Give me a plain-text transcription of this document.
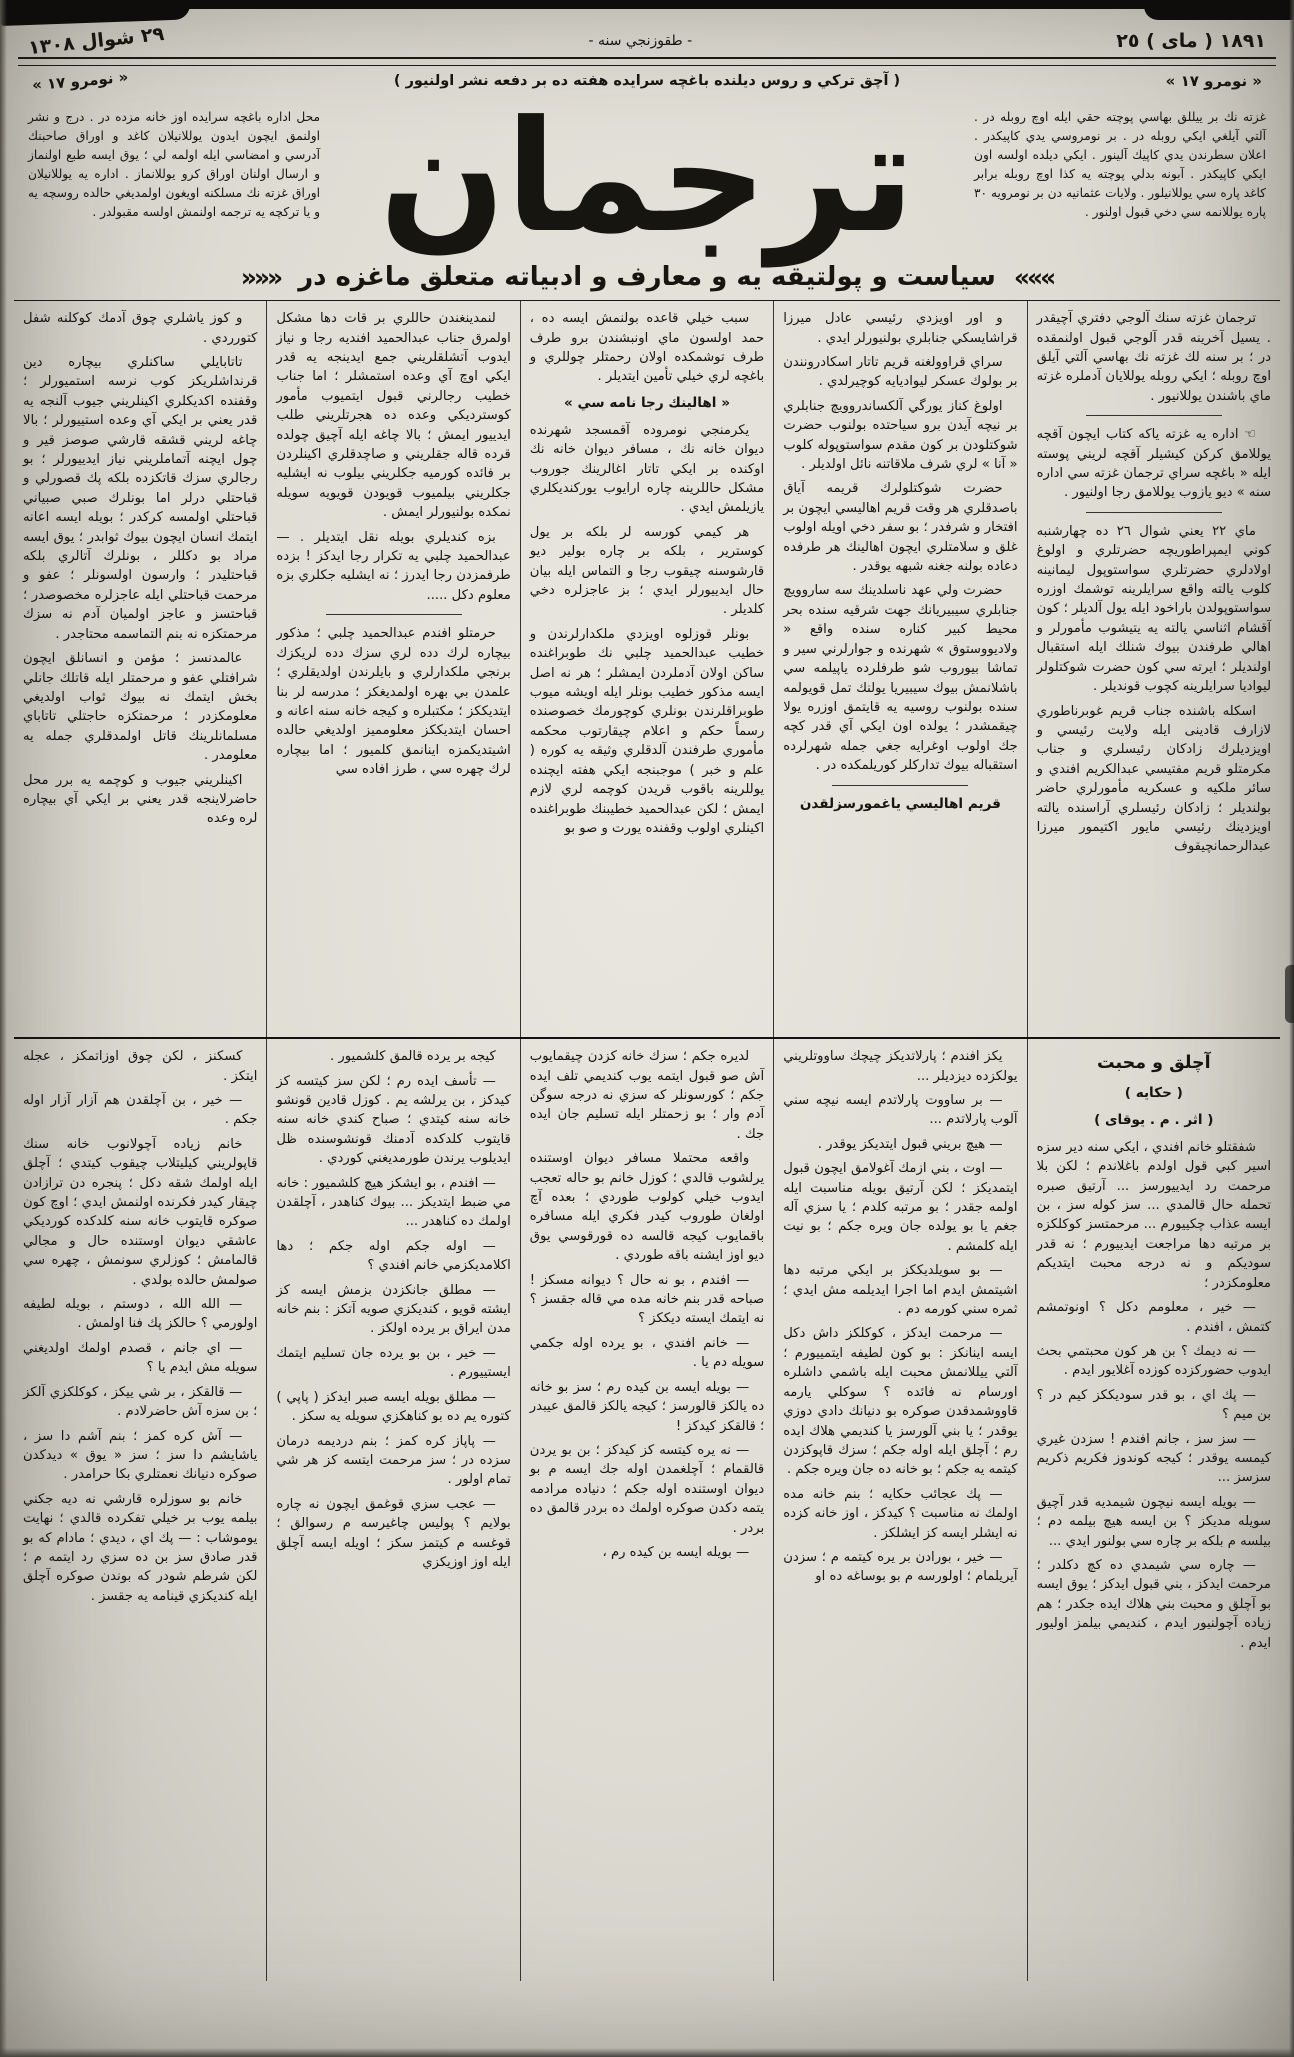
١٨٩١ ( ماى ) ٢٥
- طقوزنجي سنه -
٢٩ شوال ١٣٠٨
« نومرو ١٧ »
( آچق تركي و روس ديلنده باغچه سرايده هفته ده بر دفعه نشر اولنيور )
« نومرو ١٧ »
غزته نك بر ييللق بهاسي پوچته حقي ايله اوچ روبله در . آلتي آيلغي ايكي روبله در . بر نومروسي يدي كاپيكدر . اعلان سطرندن يدي كاپيك آلينور . ايكي ديلده اولسه اون ايكي كاپيكدر . آبونه بدلي پوچته يه كذا اوچ روبله برابر كاغد پاره سي يوللانيلور . ولايات عثمانيه دن بر نومرويه ٣٠ پاره يوللانمه سي دخي قبول اولنور .
ترجمان
محل اداره باغچه سرايده اوز خانه مزده در . درج و نشر اولنمق ايچون ايدون يوللانيلان كاغد و اوراق صاحبنك آدرسي و امضاسي ايله اولمه لي ؛ يوق ايسه طبع اولنماز و ارسال اولنان اوراق كرو يوللانماز . اداره يه يوللانيلان اوراق غزته نك مسلكنه اويغون اولمديغي حالده روسچه يه و يا تركچه يه ترجمه اولنمش اولسه مقبولدر .
»»» سياست و پولتيقه يه و معارف و ادبياته متعلق ماغزه در «««

ترجمان غزته سنك آلوجي دفتري آچيقدر . يسيل آخرينه قدر آلوجي قبول اولنمقده در ؛ بر سنه لك غزته نك بهاسي آلتي آيلق اوچ روبله ؛ ايكي روبله يوللايان آدملره غزته ماي باشندن يوللانيور .

☜ اداره يه غزته ياكه كتاب ايچون آقچه يوللامق كركن كيشيلر آقچه لريني پوسته ايله « باغچه سراي ترجمان غزته سي اداره سنه » ديو يازوب يوللامق رجا اولنيور .

ماي ٢٢ يعني شوال ٢٦ ده چهارشنبه كوني ايمپراطوريچه حضرتلري و اولوغ اولادلري حضرتلري سواستوپول ليمانينه كلوب يالته واقع سرايلرينه توشمك اوزره سواستوپولدن باراخود ايله يول آلديلر ؛ كون آقشام اثناسي يالته يه يتيشوب مأمورلر و اهالي طرفندن بيوك شنلك ايله استقبال اولنديلر ؛ ايرته سي كون حضرت شوكتلولر ليواديا سرايلرينه كچوب قونديلر .

اسكله باشنده جناب قريم غوبرناطوري لازارف قادينى ايله ولايت رئيسي و اويزديلرك زادكان رئيسلري و جناب مكرمتلو قريم مفتيسي عبدالكريم افندي و سائر ملكيه و عسكريه مأمورلري حاضر بولنديلر ؛ زادكان رئيسلري آراسنده يالته اويزدينك رئيسي مايور اكتيمور ميرزا عبدالرحمانچيقوف

و اور اويزدي رئيسي عادل ميرزا قراشايسكي جنابلري بولنيورلر ايدي .

سراي قراوولغنه قريم تاتار اسكادرونندن بر بولوك عسكر ليواديايه كوچيرلدي .

اولوغ كناز يورگي آلكساندروويچ جنابلري بر نيچه آيدن برو سياحتده بولنوب حضرت شوكتلودن بر كون مقدم سواستوپوله كلوب « آنا » لري شرف ملاقاتنه نائل اولديلر .

حضرت شوكتلولرك قريمه آياق باصدقلري هر وقت قريم اهاليسي ايچون بر افتخار و شرفدر ؛ بو سفر دخي اويله اولوب غلق و سلامتلري ايچون اهالينك هر طرفده دعاده بولنه جغنه شبهه يوقدر .

حضرت ولي عهد ناسلدينك سه ساروويچ جنابلري سيبيريانك جهت شرقيه سنده بحر محيط كبير كناره سنده واقع « ولاديووستوق » شهرنده و جوارلرني سير و تماشا بيوروب شو طرفلرده ياپيلمه سي باشلانمش بيوك سيبيريا يولنك تمل قويولمه سنده بولنوب روسيه يه قايتمق اوزره يولا چيقمشدر ؛ يولده اون ايكي آي قدر كچه جك اولوب اوغرايه جغي جمله شهرلرده استقباله بيوك تداركلر كوريلمكده در .

قريم اهاليسي ياغمورسزلقدن

سبب خيلي قاعده بولنمش ايسه ده ، حمد اولسون ماي اونبشندن برو طرف طرف توشمكده اولان رحمتلر چوللري و باغچه لري خيلي تأمين ايتديلر .

« اهالينك رجا نامه سي »

يكرمنجي نومروده آقمسجد شهرنده ديوان خانه نك ، مسافر ديوان خانه نك اوكنده بر ايكي تاتار اغالرينك جوروب مشكل حاللرينه چاره ارايوب يوركنديكلري يازيلمش ايدي .

هر كيمي كورسه لر بلكه بر يول كوسترير ، بلكه بر چاره بولير ديو قارشوسنه چيقوب رجا و التماس ايله بيان حال ايدييورلر ايدي ؛ بز عاجزلره دخي كلديلر .

بونلر قوزلوه اويزدي ملكدارلرندن و خطيب عبدالحميد چلبي نك طوبراغنده ساكن اولان آدملردن ايمشلر ؛ هر نه اصل ايسه مذكور خطيب بونلر ايله اويشه ميوب طوبراقلرندن بونلري كوچورمك خصوصنده رسماً حكم و اعلام چيقارتوب محكمه مأموري طرفندن آلدقلري وثيقه يه كوره ( علم و خبر ) موجبنجه ايكي هفته ايچنده يوللرينه باقوب قريدن كوچمه لري لازم ايمش ؛ لكن عبدالحميد خطيبنك طوبراغنده اكينلري اولوب وقفنده يورت و صو بو

لنمدينغندن حاللري بر قات دها مشكل اولمرق جناب عبدالحميد افنديه رجا و نياز ايدوب آتشلقلريني جمع ايدينجه يه قدر ايكي اوچ آي وعده استمشلر ؛ اما جناب خطيب رجالرني قبول ايتميوب مأمور كوسترديكي وعده ده هجرتلريني طلب ايدييور ايمش ؛ بالا چاغه ايله آچيق چولده قرده قاله جقلريني و صاچدقلري اكينلردن بر فائده كورميه جكلريني بيلوب نه ايشليه جكلريني بيلميوب قويودن قويويه سويله نمكده بولنيورلر ايمش .

بزه كنديلري بويله نقل ايتديلر . — عبدالحميد چلبي يه تكرار رجا ايدكز ! بزده طرفمزدن رجا ايدرز ؛ نه ايشليه جكلري بزه معلوم دكل .....

حرمتلو افندم عبدالحميد چلبي ؛ مذكور بيچاره لرك دده لري سزك دده لريكزك برنجي ملكدارلري و بايلرندن اولديقلري ؛ علمدن بي بهره اولمديغكز ؛ مدرسه لر بنا ايتديككز ؛ مكتبلره و كيجه خانه سنه اعانه و احسان ايتديككز معلومميز اولديغي حالده اشيتديكمزه اينانمق كلميور ؛ اما بيچاره لرك چهره سي ، طرز افاده سي

و كوز ياشلري چوق آدمك كوكلنه شفل كتورردي .

تاتابايلي ساكنلري بيچاره دين قرنداشلريكز كوب نرسه استميورلر ؛ وقفنده اكديكلري اكينلريني جيوب آلنجه يه قدر يعني بر ايكي آي وعده استييورلر ؛ بالا چاغه لريني قشقه قارشي صوصز قير و چول ايچنه آتماملريني نياز ايدييورلر ؛ بو رجالري سزك قاتكزده بلكه پك قصورلي و قباحتلي درلر اما بونلرك صبي صبياني قباحتلي اولمسه كركدر ؛ بويله ايسه اعانه ايتمك انسان ايچون بيوك ثوابدر ؛ يوق ايسه مراد بو دكللر ، بونلرك آتالري بلكه قباحتليدر ؛ وارسون اولسونلر ؛ عفو و مرحمت قباحتلي ايله عاجزلره مخصوصدر ؛ قباحتسز و عاجز اولميان آدم نه سزك مرحمتكزه نه بنم التماسمه محتاجدر .

عالمدنسز ؛ مؤمن و انسانلق ايچون شرافتلي عفو و مرحمتلر ايله قاتلك جانلي بخش ايتمك نه بيوك ثواب اولديغي معلومكزدر ؛ مرحمتكزه حاجتلي تاتاباي مسلمانلرينك قاتل اولمدقلري جمله يه معلومدر .

اكينلريني جيوب و كوچمه يه برر محل حاضرلاينجه قدر يعني بر ايكي آي بيچاره لره وعده

آچلق و محبت

( حكايه )

( اثر . م . يوقاى )

شفقتلو خانم افندي ، ايكي سنه دير سزه اسير كبي قول اولدم باغلاندم ؛ لكن بلا مرحمت رد ايدييورسز ... آرتيق صبره تحمله حال قالمدي ... سز كوله سز ، بن ايسه عذاب چكييورم ... مرحمتسز كوكلكزه بر مرتبه دها مراجعت ايدييورم ؛ نه قدر سوديكم و نه درجه محبت ايتديكم معلومكزدر ؛

— خير ، معلومم دكل ؟ اونوتمشم كتمش ، افندم .

— نه ديمك ؟ بن هر كون محبتمي بحث ايدوب حضوركزده كوزده آغلايور ايدم .

— پك اي ، بو قدر سوديككز كيم در ؟ بن ميم ؟

— سز سز ، جانم افندم ! سزدن غيري كيمسه يوقدر ؛ كيجه كوندوز فكريم ذكريم سزسز ...

— بويله ايسه نيچون شيمديه قدر آچيق سويله مديكز ؟ بن ايسه هيچ بيلمه دم ؛ بيلسه م بلكه بر چاره سي بولنور ايدي ...

— چاره سي شيمدي ده كچ دكلدر ؛ مرحمت ايدكز ، بني قبول ايدكز ؛ يوق ايسه بو آچلق و محبت بني هلاك ايده جكدر ؛ هم زياده آچولنيور ايدم ، كنديمي بيلمز اوليور ايدم .

يكز افندم ؛ پارلاتديكز چيچك ساووتلريني يولكزده ديزديلر ...

— بر ساووت پارلاتدم ايسه نيچه سني آلوب پارلاتدم ...

— هيچ بريني قبول ايتديكز يوقدر .

— اوت ، بني ازمك آغولامق ايچون قبول ايتمديكز ؛ لكن آرتيق بويله مناسبت ايله اولمه جقدر ؛ بو مرتبه كلدم ؛ يا سزي آله جغم يا بو يولده جان ويره جكم ؛ بو نيت ايله كلمشم .

— بو سويلديككز بر ايكي مرتبه دها اشيتمش ايدم اما اجرا ايديلمه مش ايدي ؛ ثمره سني كورمه دم .

— مرحمت ايدكز ، كوكلكز داش دكل ايسه اينانكز : بو كون لطيفه ايتمييورم ؛ آلتي ييللانمش محبت ايله باشمي داشلره اورسام نه فائده ؟ سوكلي يارمه قاووشمدقدن صوكره بو دنيانك دادي دوزي يوقدر ؛ يا بني آلورسز يا كنديمي هلاك ايده رم ؛ آچلق ايله اوله جكم ؛ سزك قاپوكزدن كيتمه يه جكم ؛ بو خانه ده جان ويره جكم .

— پك عجائب حكايه ؛ بنم خانه مده اولمك نه مناسبت ؟ كيدكز ، اوز خانه كزده نه ايشلر ايسه كز ايشلكز .

— خير ، بورادن بر يره كيتمه م ؛ سزدن آيريلمام ؛ اولورسه م بو بوساغه ده او

لديره جكم ؛ سزك خانه كزدن چيقمايوب آش صو قبول ايتمه يوب كنديمي تلف ايده جكم ؛ كورسونلر كه سزي نه درجه سوگن آدم وار ؛ بو زحمتلر ايله تسليم جان ايده جك .

واقعه محتملا مسافر ديوان اوستنده يرلشوب قالدي ؛ كوزل خانم بو حاله تعجب ايدوب خيلي كولوب طوردي ؛ بعده آچ اولغان طوروب كيدر فكري ايله مسافره باقمايوب كيجه قالسه ده قورقوسي يوق ديو اوز ايشنه باقه طوردي .

— افندم ، بو نه حال ؟ ديوانه مسكز ! صباحه قدر بنم خانه مده مي قاله جقسز ؟ نه ايتمك ايسته ديككز ؟

— خانم افندي ، بو يرده اوله جكمي سويله دم يا .

— بويله ايسه بن كيده رم ؛ سز بو خانه ده يالكز قالورسز ؛ كيجه يالكز قالمق عيبدر ؛ قالقكز كيدكز !

— نه يره كيتسه كز كيدكز ؛ بن بو يردن قالقمام ؛ آچلغمدن اوله جك ايسه م بو ديوان اوستنده اوله جكم ؛ دنياده مرادمه يتمه دكدن صوكره اولمك ده بردر قالمق ده بردر .

— بويله ايسه بن كيده رم ،

كيجه بر يرده قالمق كلشميور .

— تأسف ايده رم ؛ لكن سز كيتسه كز كيدكز ، بن يرلشه يم . كوزل قادين قونشو خانه سنه كيتدي ؛ صباح كندي خانه سنه قايتوب كلدكده آدمنك قونشوسنده ظل ايديلوب يرندن طورمديغني كوردي .

— افندم ، بو ايشكز هيچ كلشميور : خانه مي ضبط ايتديكز ... بيوك كناهدر ، آچلقدن اولمك ده كناهدر ...

— اوله جكم اوله جكم ؛ دها اكلامديكزمي خانم افندي ؟

— مطلق جانكزدن بزمش ايسه كز ايشته قويو ، كنديكزي صويه آتكز : بنم خانه مدن ايراق بر يرده اولكز .

— خير ، بن بو يرده جان تسليم ايتمك ايستييورم .

— مطلق بويله ايسه صبر ايدكز ( پاپي ) كتوره يم ده بو كناهكزي سويله يه سكز .

— پاپاز كره كمز ؛ بنم درديمه درمان سزده در ؛ سز مرحمت ايتسه كز هر شي تمام اولور .

— عجب سزي قوغمق ايچون نه چاره بولايم ؟ پوليس چاغيرسه م رسوالق ؛ قوغسه م كيتمز سكز ؛ اويله ايسه آچلق ايله اوز اوزيكزي

كسكنز ، لكن چوق اوزاتمكز ، عجله ايتكز .

— خير ، بن آچلقدن هم آزار آزار اوله جكم .

خانم زياده آچولانوب خانه سنك قاپولريني كيليتلاب چيقوب كيتدي ؛ آچلق ايله اولمك شقه دكل ؛ پنجره دن ترازادن چيقار كيدر فكرنده اولنمش ايدي ؛ اوچ كون صوكره قايتوب خانه سنه كلدكده كورديكي عاشقي ديوان اوستنده حال و مجالي قالمامش ؛ كوزلري سونمش ، چهره سي صولمش حالده بولدي .

— الله الله ، دوستم ، بويله لطيفه اولورمي ؟ حالكز پك فنا اولمش .

— اي جانم ، قصدم اولمك اولديغني سويله مش ايدم يا ؟

— قالقكز ، بر شي ييكز ، كوكلكزي آلكز ؛ بن سزه آش حاضرلادم .

— آش كره كمز ؛ بنم آشم دا سز ، ياشايشم دا سز ؛ سز « يوق » ديدكدن صوكره دنيانك نعمتلري بكا حرامدر .

خانم بو سوزلره قارشي نه ديه جكني بيلمه يوب بر خيلي تفكرده قالدي ؛ نهايت يوموشاب : — پك اي ، ديدي ؛ مادام كه بو قدر صادق سز بن ده سزي رد ايتمه م ؛ لكن شرطم شودر كه بوندن صوكره آچلق ايله كنديكزي قينامه يه جقسز .
